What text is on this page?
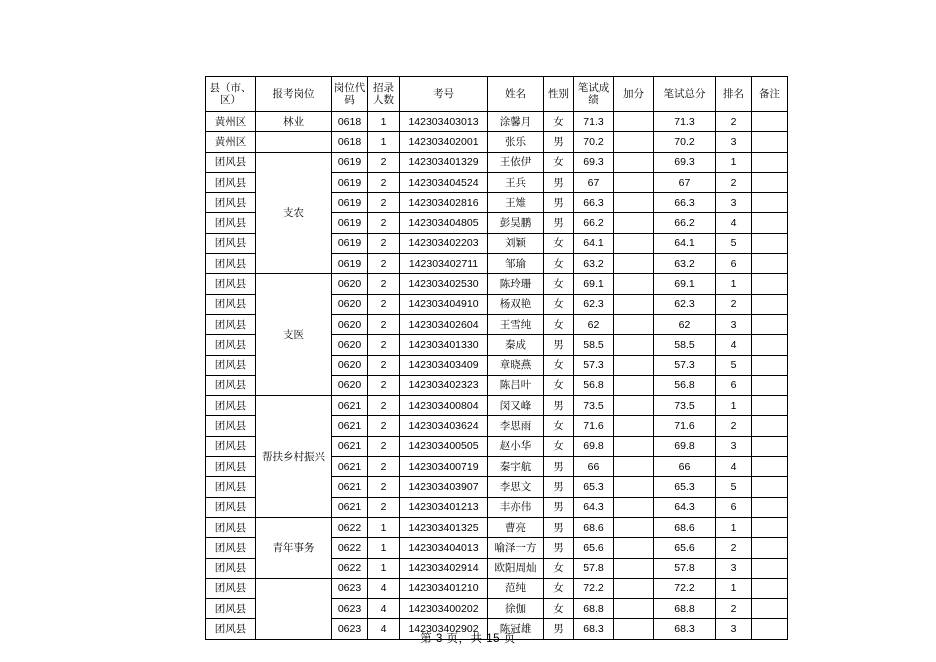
县（市、区）	报考岗位	岗位代码	招录人数	考号	姓名	性别	笔试成绩	加分	笔试总分	排名	备注
黄州区	林业	0618	1	142303403013	涂馨月	女	71.3		71.3	2	
黄州区		0618	1	142303402001	张乐	男	70.2		70.2	3	
团风县	支农	0619	2	142303401329	王依伊	女	69.3		69.3	1	
团风县		0619	2	142303404524	王兵	男	67		67	2	
团风县		0619	2	142303402816	王雉	男	66.3		66.3	3	
团风县		0619	2	142303404805	彭昊鹏	男	66.2		66.2	4	
团风县		0619	2	142303402203	刘颖	女	64.1		64.1	5	
团风县		0619	2	142303402711	邹瑜	女	63.2		63.2	6	
团风县	支医	0620	2	142303402530	陈玲珊	女	69.1		69.1	1	
团风县		0620	2	142303404910	杨双艳	女	62.3		62.3	2	
团风县		0620	2	142303402604	王雪纯	女	62		62	3	
团风县		0620	2	142303401330	秦成	男	58.5		58.5	4	
团风县		0620	2	142303403409	章晓燕	女	57.3		57.3	5	
团风县		0620	2	142303402323	陈吕叶	女	56.8		56.8	6	
团风县	帮扶乡村振兴	0621	2	142303400804	闵又峰	男	73.5		73.5	1	
团风县		0621	2	142303403624	李思雨	女	71.6		71.6	2	
团风县		0621	2	142303400505	赵小华	女	69.8		69.8	3	
团风县		0621	2	142303400719	秦宇航	男	66		66	4	
团风县		0621	2	142303403907	李思文	男	65.3		65.3	5	
团风县		0621	2	142303401213	丰亦伟	男	64.3		64.3	6	
团风县	青年事务	0622	1	142303401325	曹亮	男	68.6		68.6	1	
团风县		0622	1	142303404013	喻泽一方	男	65.6		65.6	2	
团风县		0622	1	142303402914	欧阳周灿	女	57.8		57.8	3	
团风县		0623	4	142303401210	范纯	女	72.2		72.2	1	
团风县		0623	4	142303400202	徐伽	女	68.8		68.8	2	
团风县		0623	4	142303402902	陈冠雄	男	68.3		68.3	3	
第 3 页，共 15 页
